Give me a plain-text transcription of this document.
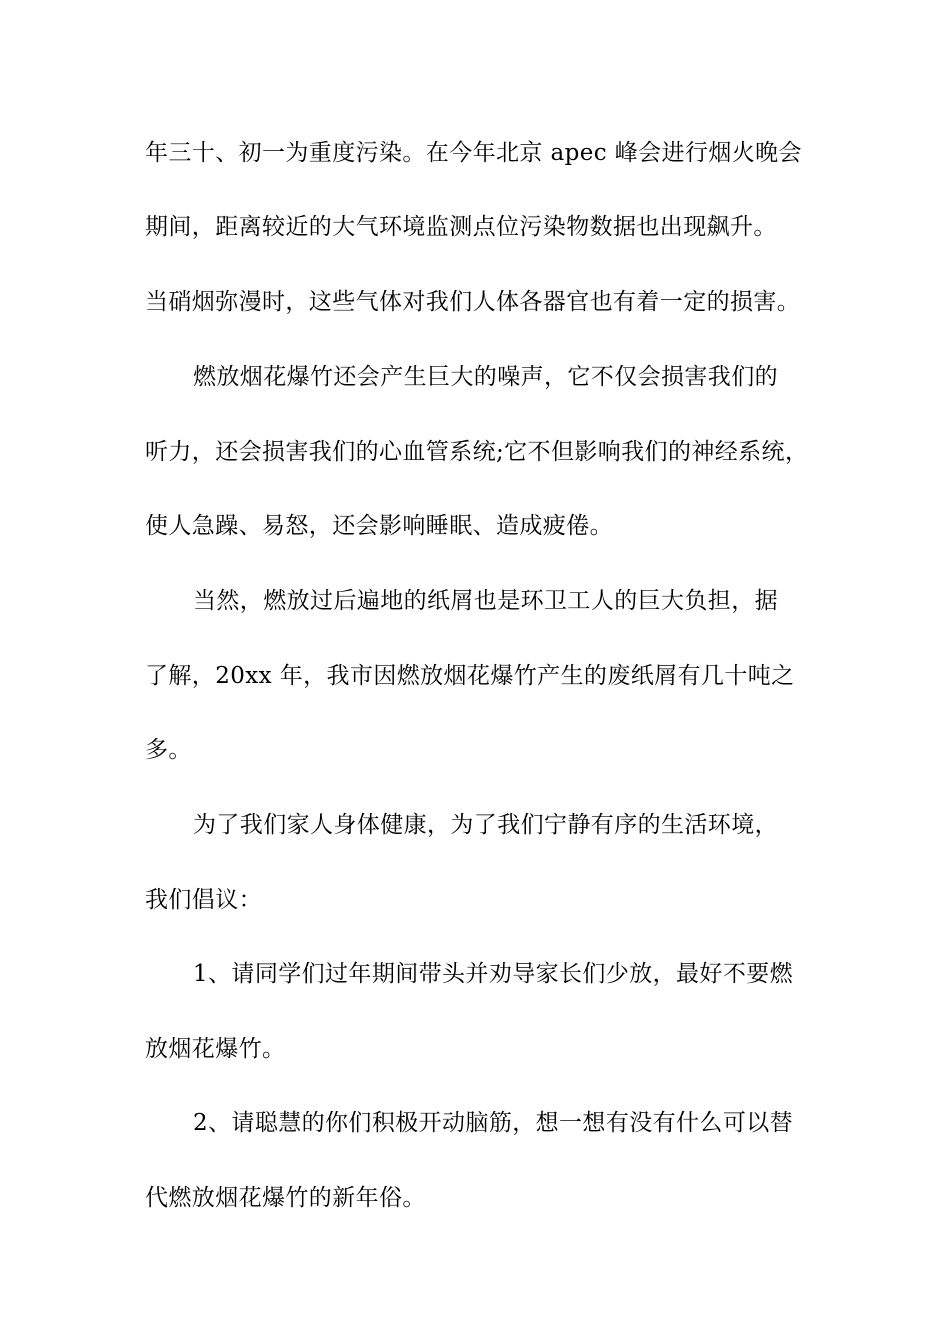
年三十、初一为重度污染。在今年北京 apec 峰会进行烟火晚会
期间，距离较近的大气环境监测点位污染物数据也出现飙升。
当硝烟弥漫时，这些气体对我们人体各器官也有着一定的损害。
燃放烟花爆竹还会产生巨大的噪声，它不仅会损害我们的
听力，还会损害我们的心血管系统;它不但影响我们的神经系统，
使人急躁、易怒，还会影响睡眠、造成疲倦。
当然，燃放过后遍地的纸屑也是环卫工人的巨大负担，据
了解，20xx 年，我市因燃放烟花爆竹产生的废纸屑有几十吨之
多。
为了我们家人身体健康，为了我们宁静有序的生活环境，
我们倡议：
1、请同学们过年期间带头并劝导家长们少放，最好不要燃
放烟花爆竹。
2、请聪慧的你们积极开动脑筋，想一想有没有什么可以替
代燃放烟花爆竹的新年俗。
